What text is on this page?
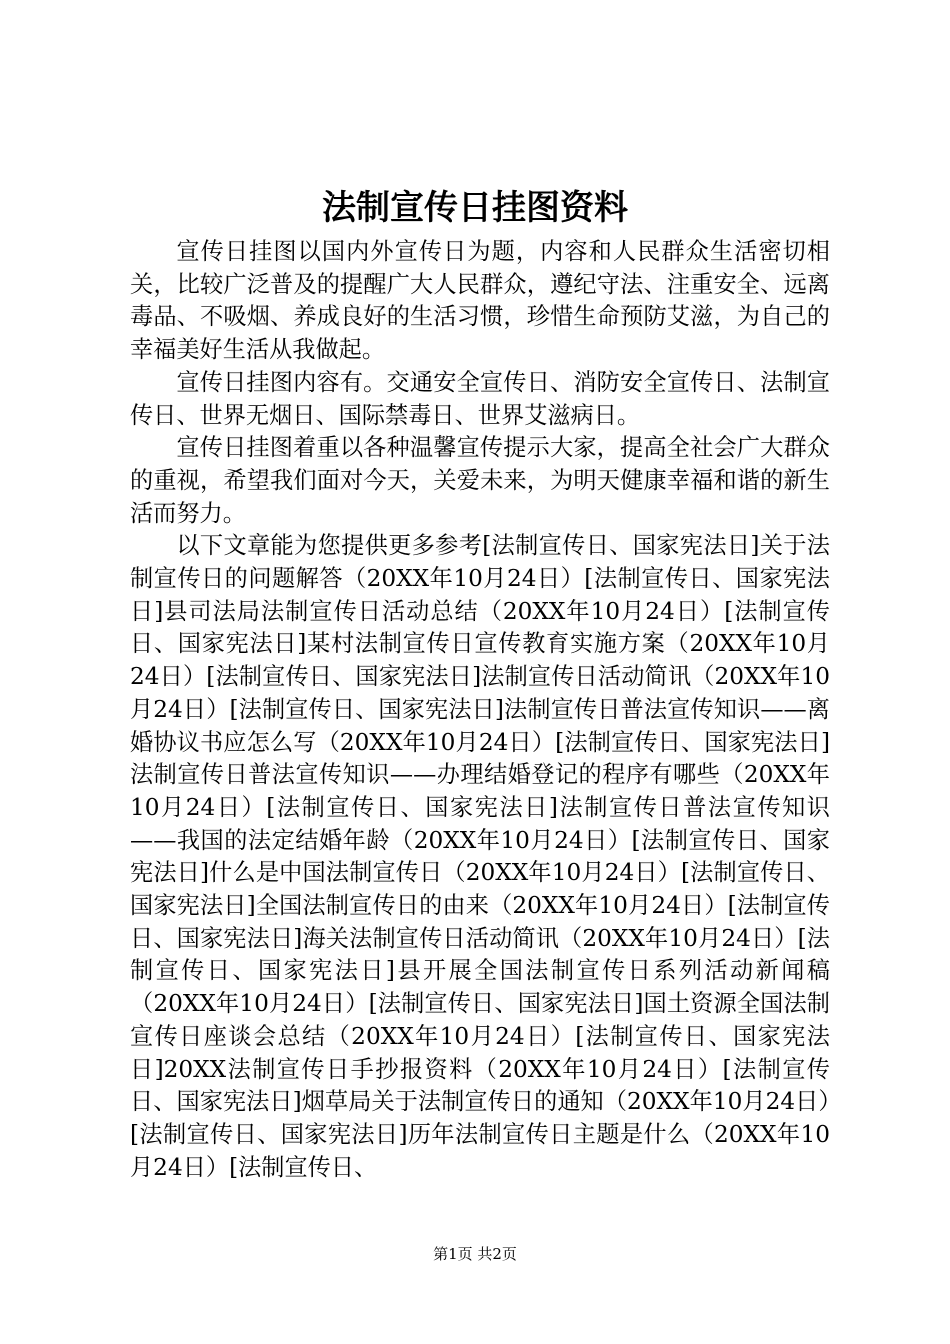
法制宣传日挂图资料

宣传日挂图以国内外宣传日为题，内容和人民群众生活密切相关，比较广泛普及的提醒广大人民群众，遵纪守法、注重安全、远离毒品、不吸烟、养成良好的生活习惯，珍惜生命预防艾滋，为自己的幸福美好生活从我做起。

宣传日挂图内容有。交通安全宣传日、消防安全宣传日、法制宣传日、世界无烟日、国际禁毒日、世界艾滋病日。

宣传日挂图着重以各种温馨宣传提示大家，提高全社会广大群众的重视，希望我们面对今天，关爱未来，为明天健康幸福和谐的新生活而努力。

以下文章能为您提供更多参考[法制宣传日、国家宪法日]关于法制宣传日的问题解答（20XX年10月24日）[法制宣传日、国家宪法日]县司法局法制宣传日活动总结（20XX年10月24日）[法制宣传日、国家宪法日]某村法制宣传日宣传教育实施方案（20XX年10月24日）[法制宣传日、国家宪法日]法制宣传日活动简讯（20XX年10月24日）[法制宣传日、国家宪法日]法制宣传日普法宣传知识——离婚协议书应怎么写（20XX年10月24日）[法制宣传日、国家宪法日]法制宣传日普法宣传知识——办理结婚登记的程序有哪些（20XX年10月24日）[法制宣传日、国家宪法日]法制宣传日普法宣传知识——我国的法定结婚年龄（20XX年10月24日）[法制宣传日、国家宪法日]什么是中国法制宣传日（20XX年10月24日）[法制宣传日、国家宪法日]全国法制宣传日的由来（20XX年10月24日）[法制宣传日、国家宪法日]海关法制宣传日活动简讯（20XX年10月24日）[法制宣传日、国家宪法日]县开展全国法制宣传日系列活动新闻稿（20XX年10月24日）[法制宣传日、国家宪法日]国土资源全国法制宣传日座谈会总结（20XX年10月24日）[法制宣传日、国家宪法日]20XX法制宣传日手抄报资料（20XX年10月24日）[法制宣传日、国家宪法日]烟草局关于法制宣传日的通知（20XX年10月24日）[法制宣传日、国家宪法日]历年法制宣传日主题是什么（20XX年10月24日）[法制宣传日、

第1页 共2页
